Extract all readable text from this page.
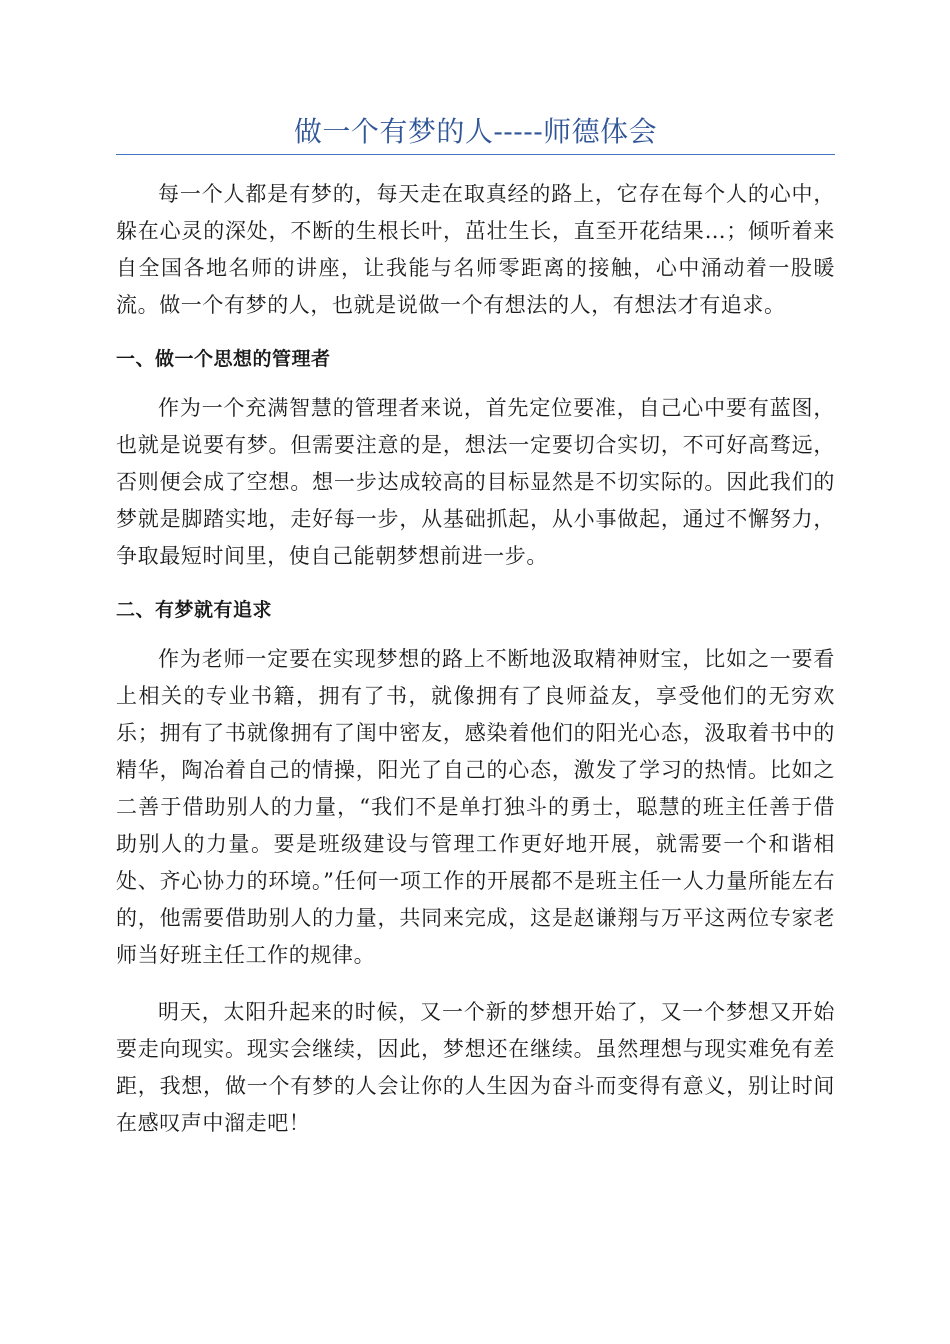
做一个有梦的人-----师德体会

每一个人都是有梦的，每天走在取真经的路上，它存在每个人的心中，躲在心灵的深处，不断的生根长叶，茁壮生长，直至开花结果…；倾听着来自全国各地名师的讲座，让我能与名师零距离的接触，心中涌动着一股暖流。做一个有梦的人，也就是说做一个有想法的人，有想法才有追求。

一、做一个思想的管理者

作为一个充满智慧的管理者来说，首先定位要准，自己心中要有蓝图，也就是说要有梦。但需要注意的是，想法一定要切合实切，不可好高骛远，否则便会成了空想。想一步达成较高的目标显然是不切实际的。因此我们的梦就是脚踏实地，走好每一步，从基础抓起，从小事做起，通过不懈努力，争取最短时间里，使自己能朝梦想前进一步。

二、有梦就有追求

作为老师一定要在实现梦想的路上不断地汲取精神财宝，比如之一要看上相关的专业书籍，拥有了书，就像拥有了良师益友，享受他们的无穷欢乐；拥有了书就像拥有了闺中密友，感染着他们的阳光心态，汲取着书中的精华，陶冶着自己的情操，阳光了自己的心态，激发了学习的热情。比如之二善于借助别人的力量，“我们不是单打独斗的勇士，聪慧的班主任善于借助别人的力量。要是班级建设与管理工作更好地开展，就需要一个和谐相处、齐心协力的环境。”任何一项工作的开展都不是班主任一人力量所能左右的，他需要借助别人的力量，共同来完成，这是赵谦翔与万平这两位专家老师当好班主任工作的规律。

明天，太阳升起来的时候，又一个新的梦想开始了，又一个梦想又开始要走向现实。现实会继续，因此，梦想还在继续。虽然理想与现实难免有差距，我想，做一个有梦的人会让你的人生因为奋斗而变得有意义，别让时间在感叹声中溜走吧！
